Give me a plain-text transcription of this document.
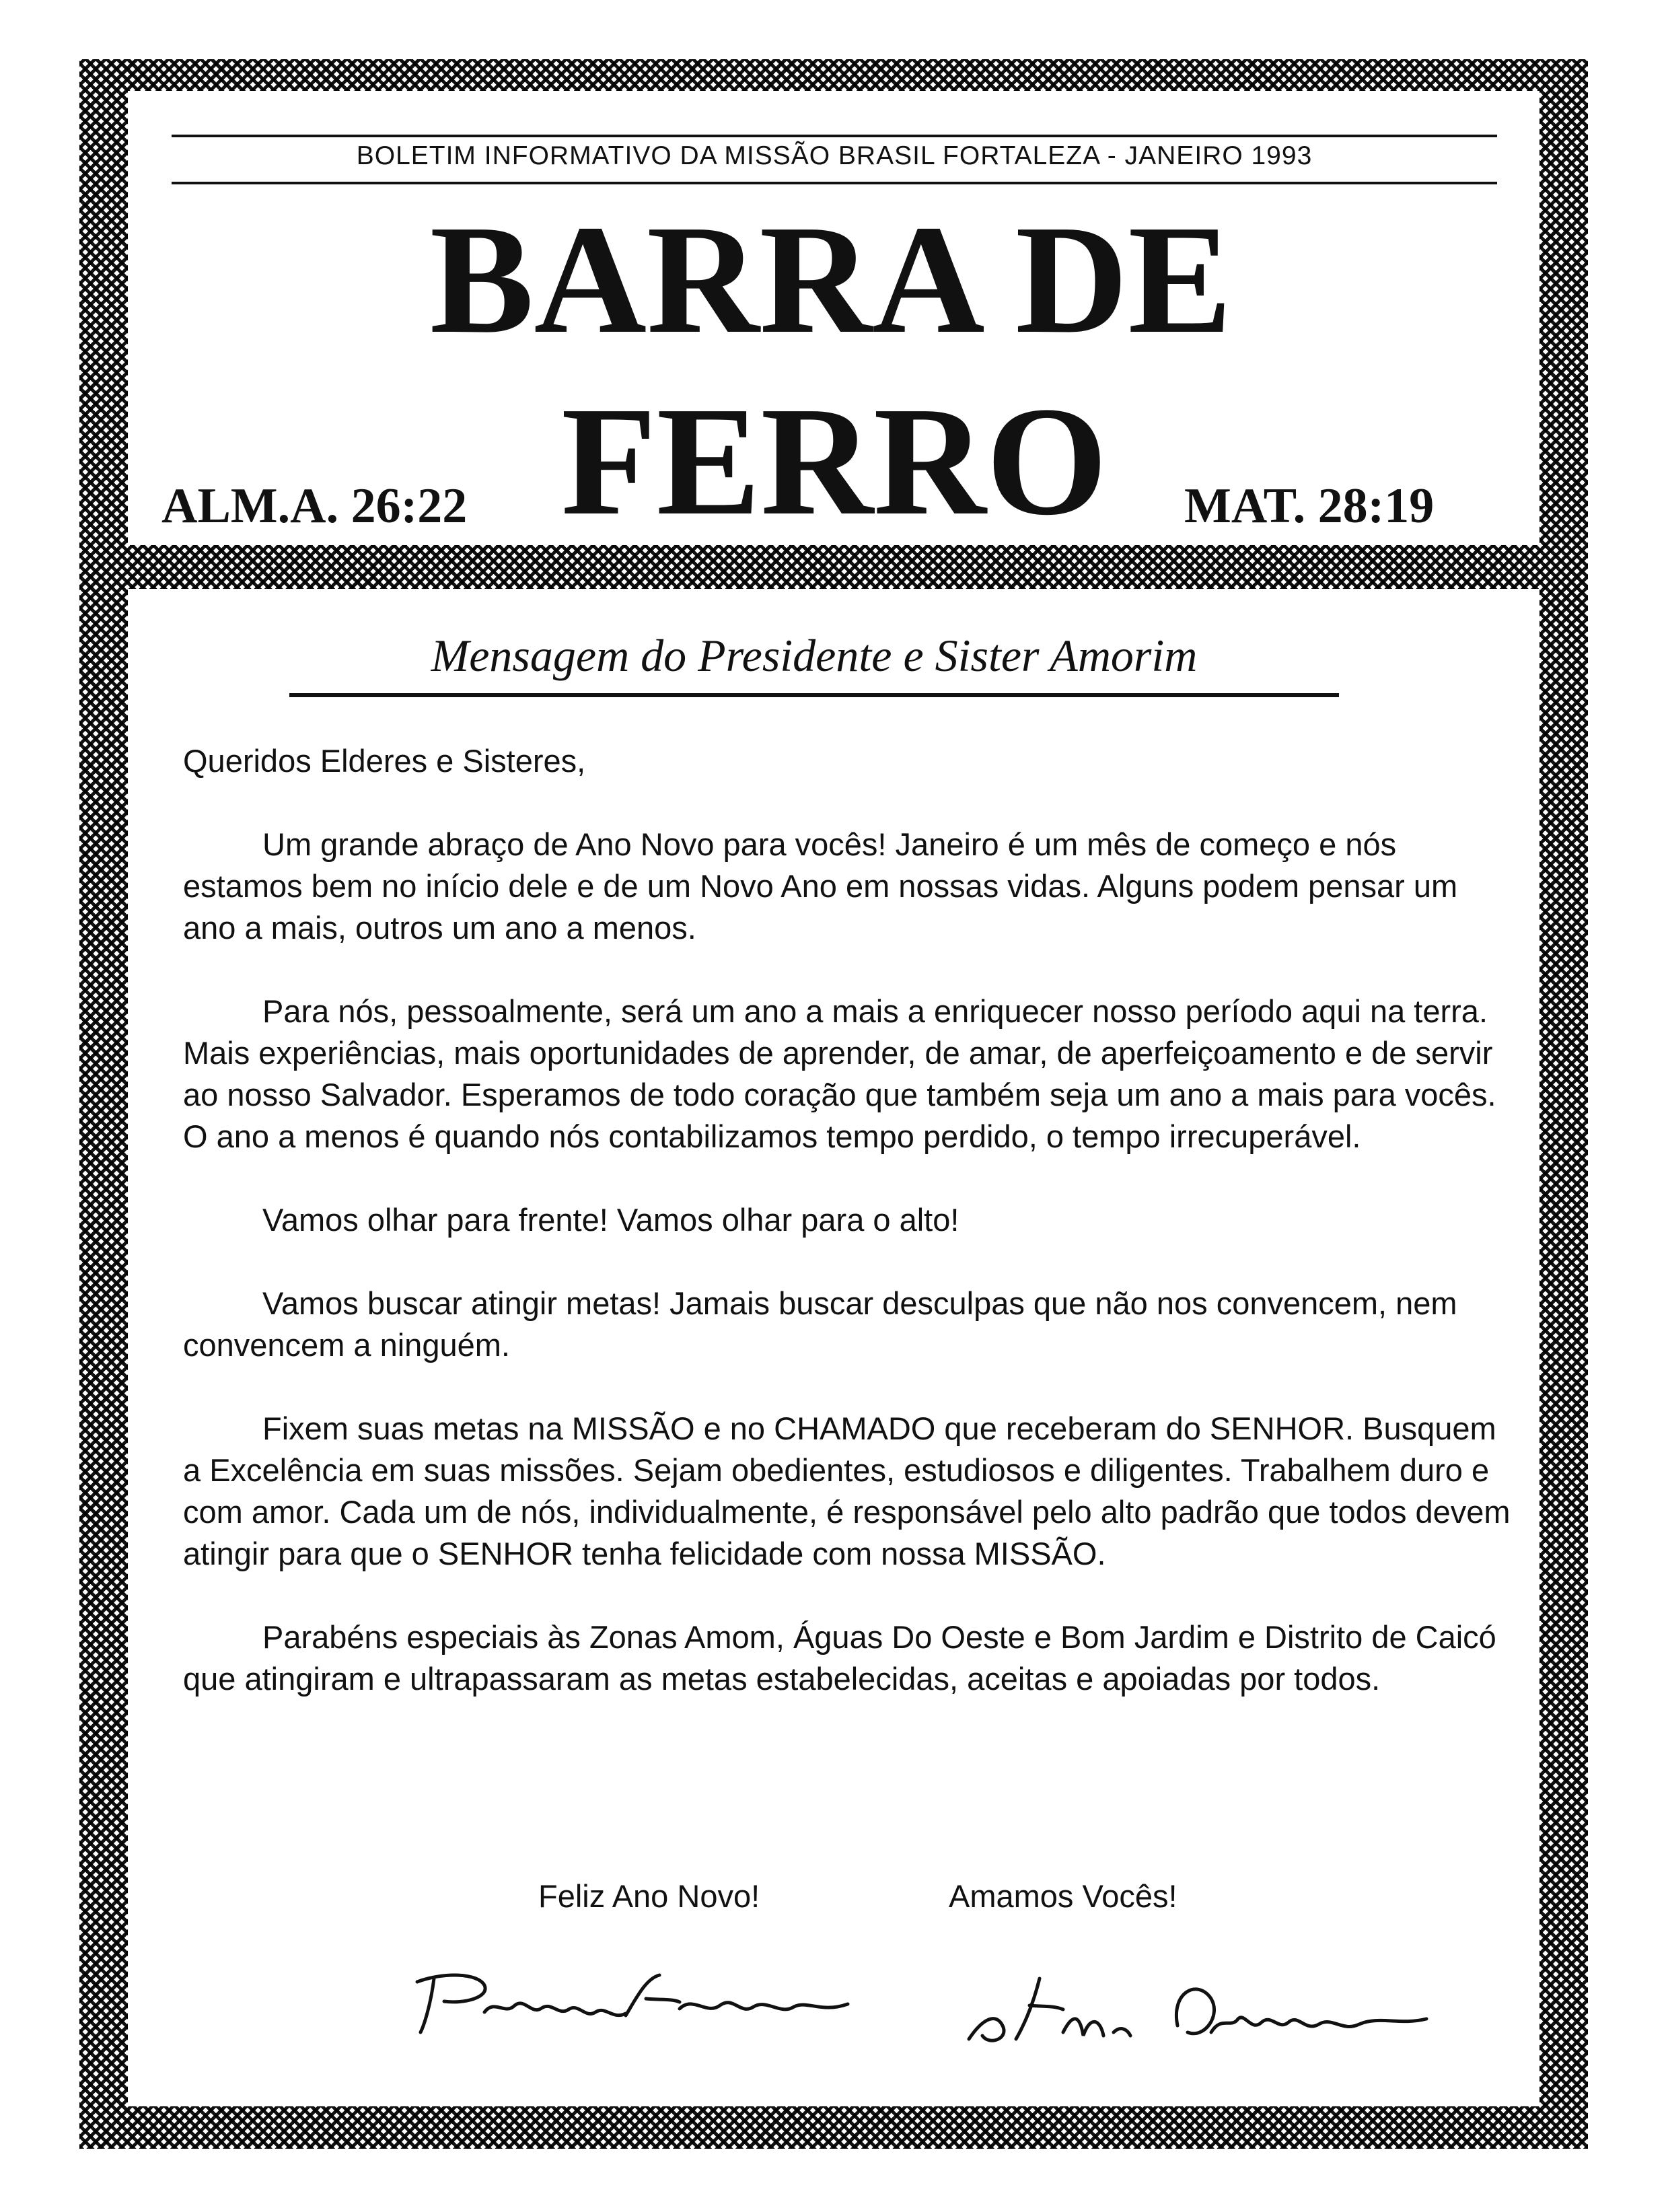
BOLETIM INFORMATIVO DA MISSÃO BRASIL FORTALEZA - JANEIRO 1993
BARRA DE
FERRO
ALM.A. 26:22	MAT. 28:19
Mensagem do Presidente e Sister Amorim

Queridos Elderes e Sisteres,

Um grande abraço de Ano Novo para vocês! Janeiro é um mês de começo e nós estamos bem no início dele e de um Novo Ano em nossas vidas. Alguns podem pensar um ano a mais, outros um ano a menos.

Para nós, pessoalmente, será um ano a mais a enriquecer nosso período aqui na terra. Mais experiências, mais oportunidades de aprender, de amar, de aperfeiçoamento e de servir ao nosso Salvador. Esperamos de todo coração que também seja um ano a mais para vocês. O ano a menos é quando nós contabilizamos tempo perdido, o tempo irrecuperável.

Vamos olhar para frente! Vamos olhar para o alto!

Vamos buscar atingir metas! Jamais buscar desculpas que não nos convencem, nem convencem a ninguém.

Fixem suas metas na MISSÃO e no CHAMADO que receberam do SENHOR. Busquem a Excelência em suas missões. Sejam obedientes, estudiosos e diligentes. Trabalhem duro e com amor. Cada um de nós, individualmente, é responsável pelo alto padrão que todos devem atingir para que o SENHOR tenha felicidade com nossa MISSÃO.

Parabéns especiais às Zonas Amom, Águas Do Oeste e Bom Jardim e Distrito de Caicó que atingiram e ultrapassaram as metas estabelecidas, aceitas e apoiadas por todos.

Feliz Ano Novo!	Amamos Vocês!
